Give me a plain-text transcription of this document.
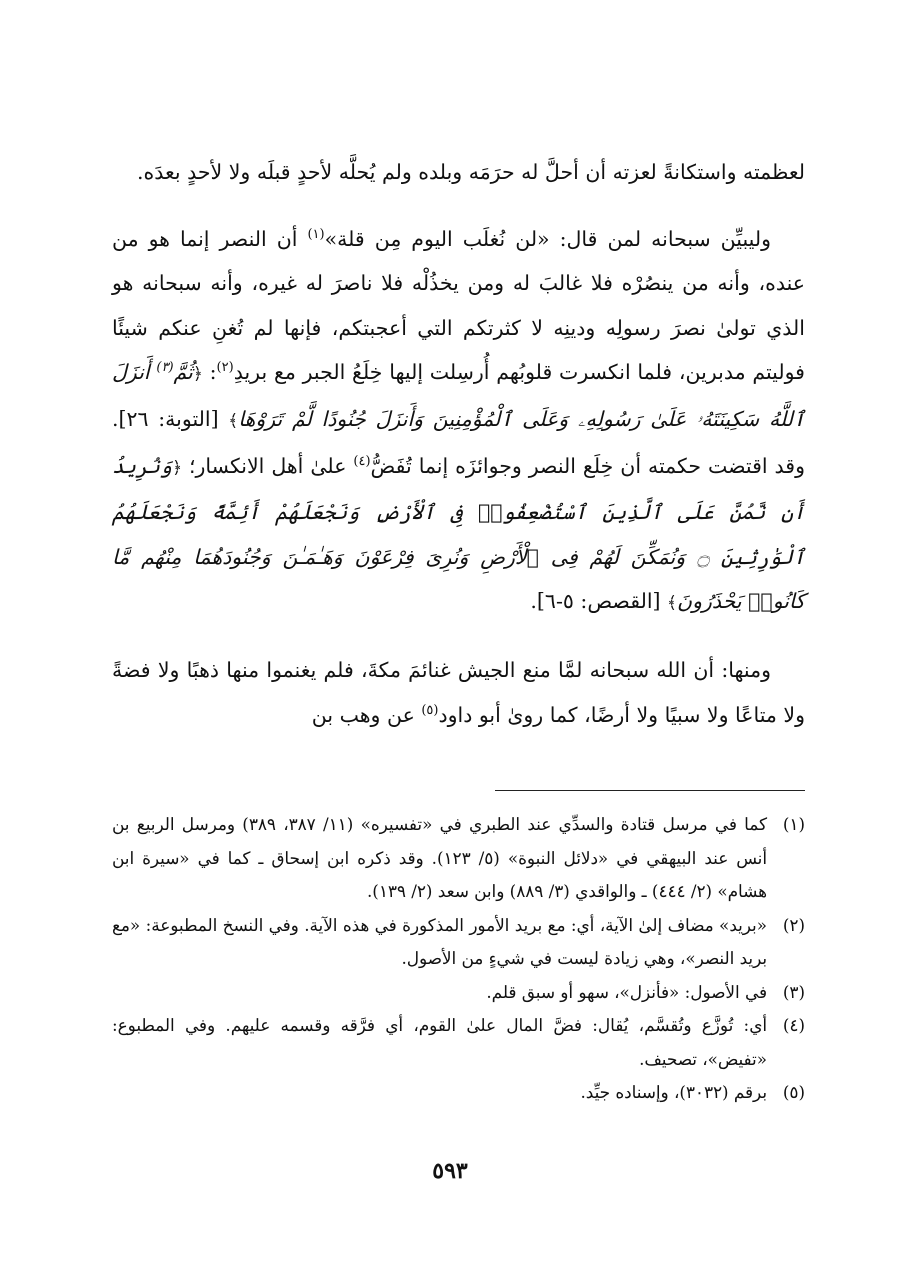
لعظمته واستكانةً لعزته أن أحلَّ له حرَمَه وبلده ولم يُحلَّه لأحدٍ قبلَه ولا لأحدٍ بعدَه.

وليبيِّن سبحانه لمن قال: «لن نُغلَب اليوم مِن قلة»$^{(١)}$ أن النصر إنما هو من عنده، وأنه من ينصُرْه فلا غالبَ له ومن يخذُلْه فلا ناصرَ له غيره، وأنه سبحانه هو الذي تولىٰ نصرَ رسولِه ودينِه لا كثرتكم التي أعجبتكم، فإنها لم تُغنِ عنكم شيئًا فوليتم مدبرين، فلما انكسرت قلوبُهم أُرسِلت إليها خِلَعُ الجبر مع بريدِ$^{(٢)}$: ﴿ثُمَّ$^{(٣)}$ أَنزَلَ ٱللَّهُ سَكِينَتَهُۥ عَلَىٰ رَسُولِهِۦ وَعَلَى ٱلْمُؤْمِنِينَ وَأَنزَلَ جُنُودًا لَّمْ تَرَوْهَا﴾ [التوبة: ٢٦]. وقد اقتضت حكمته أن خِلَع النصر وجوائزَه إنما تُفَضُّ$^{(٤)}$ علىٰ أهل الانكسار؛ ﴿وَنُرِيدُ أَن نَّمُنَّ عَلَى ٱلَّذِينَ ٱسْتُضْعِفُوا۟ فِى ٱلْأَرْضِ وَنَجْعَلَهُمْ أَئِمَّةً وَنَجْعَلَهُمُ ٱلْوَٰرِثِينَ ۝ وَنُمَكِّنَ لَهُمْ فِى ٱلْأَرْضِ وَنُرِىَ فِرْعَوْنَ وَهَـٰمَـٰنَ وَجُنُودَهُمَا مِنْهُم مَّا كَانُوا۟ يَحْذَرُونَ﴾ [القصص: ٥-٦].

ومنها: أن الله سبحانه لمَّا منع الجيش غنائمَ مكةَ، فلم يغنموا منها ذهبًا ولا فضةً ولا متاعًا ولا سبيًا ولا أرضًا، كما روىٰ أبو داود$^{(٥)}$ عن وهب بن

(١)
كما في مرسل قتادة والسدِّي عند الطبري في «تفسيره» (١١/ ٣٨٧، ٣٨٩) ومرسل الربيع بن أنس عند البيهقي في «دلائل النبوة» (٥/ ١٢٣). وقد ذكره ابن إسحاق ـ كما في «سيرة ابن هشام» (٢/ ٤٤٤) ـ والواقدي (٣/ ٨٨٩) وابن سعد (٢/ ١٣٩).
(٢)
«بريد» مضاف إلىٰ الآية، أي: مع بريد الأمور المذكورة في هذه الآية. وفي النسخ المطبوعة: «مع بريد النصر»، وهي زيادة ليست في شيءٍ من الأصول.
(٣)
في الأصول: «فأنزل»، سهو أو سبق قلم.
(٤)
أي: تُوزَّع وتُقسَّم، يُقال: فضَّ المال علىٰ القوم، أي فرَّقه وقسمه عليهم. وفي المطبوع: «تفيض»، تصحيف.
(٥)
برقم (٣٠٣٢)، وإسناده جيِّد.
٥٩٣
